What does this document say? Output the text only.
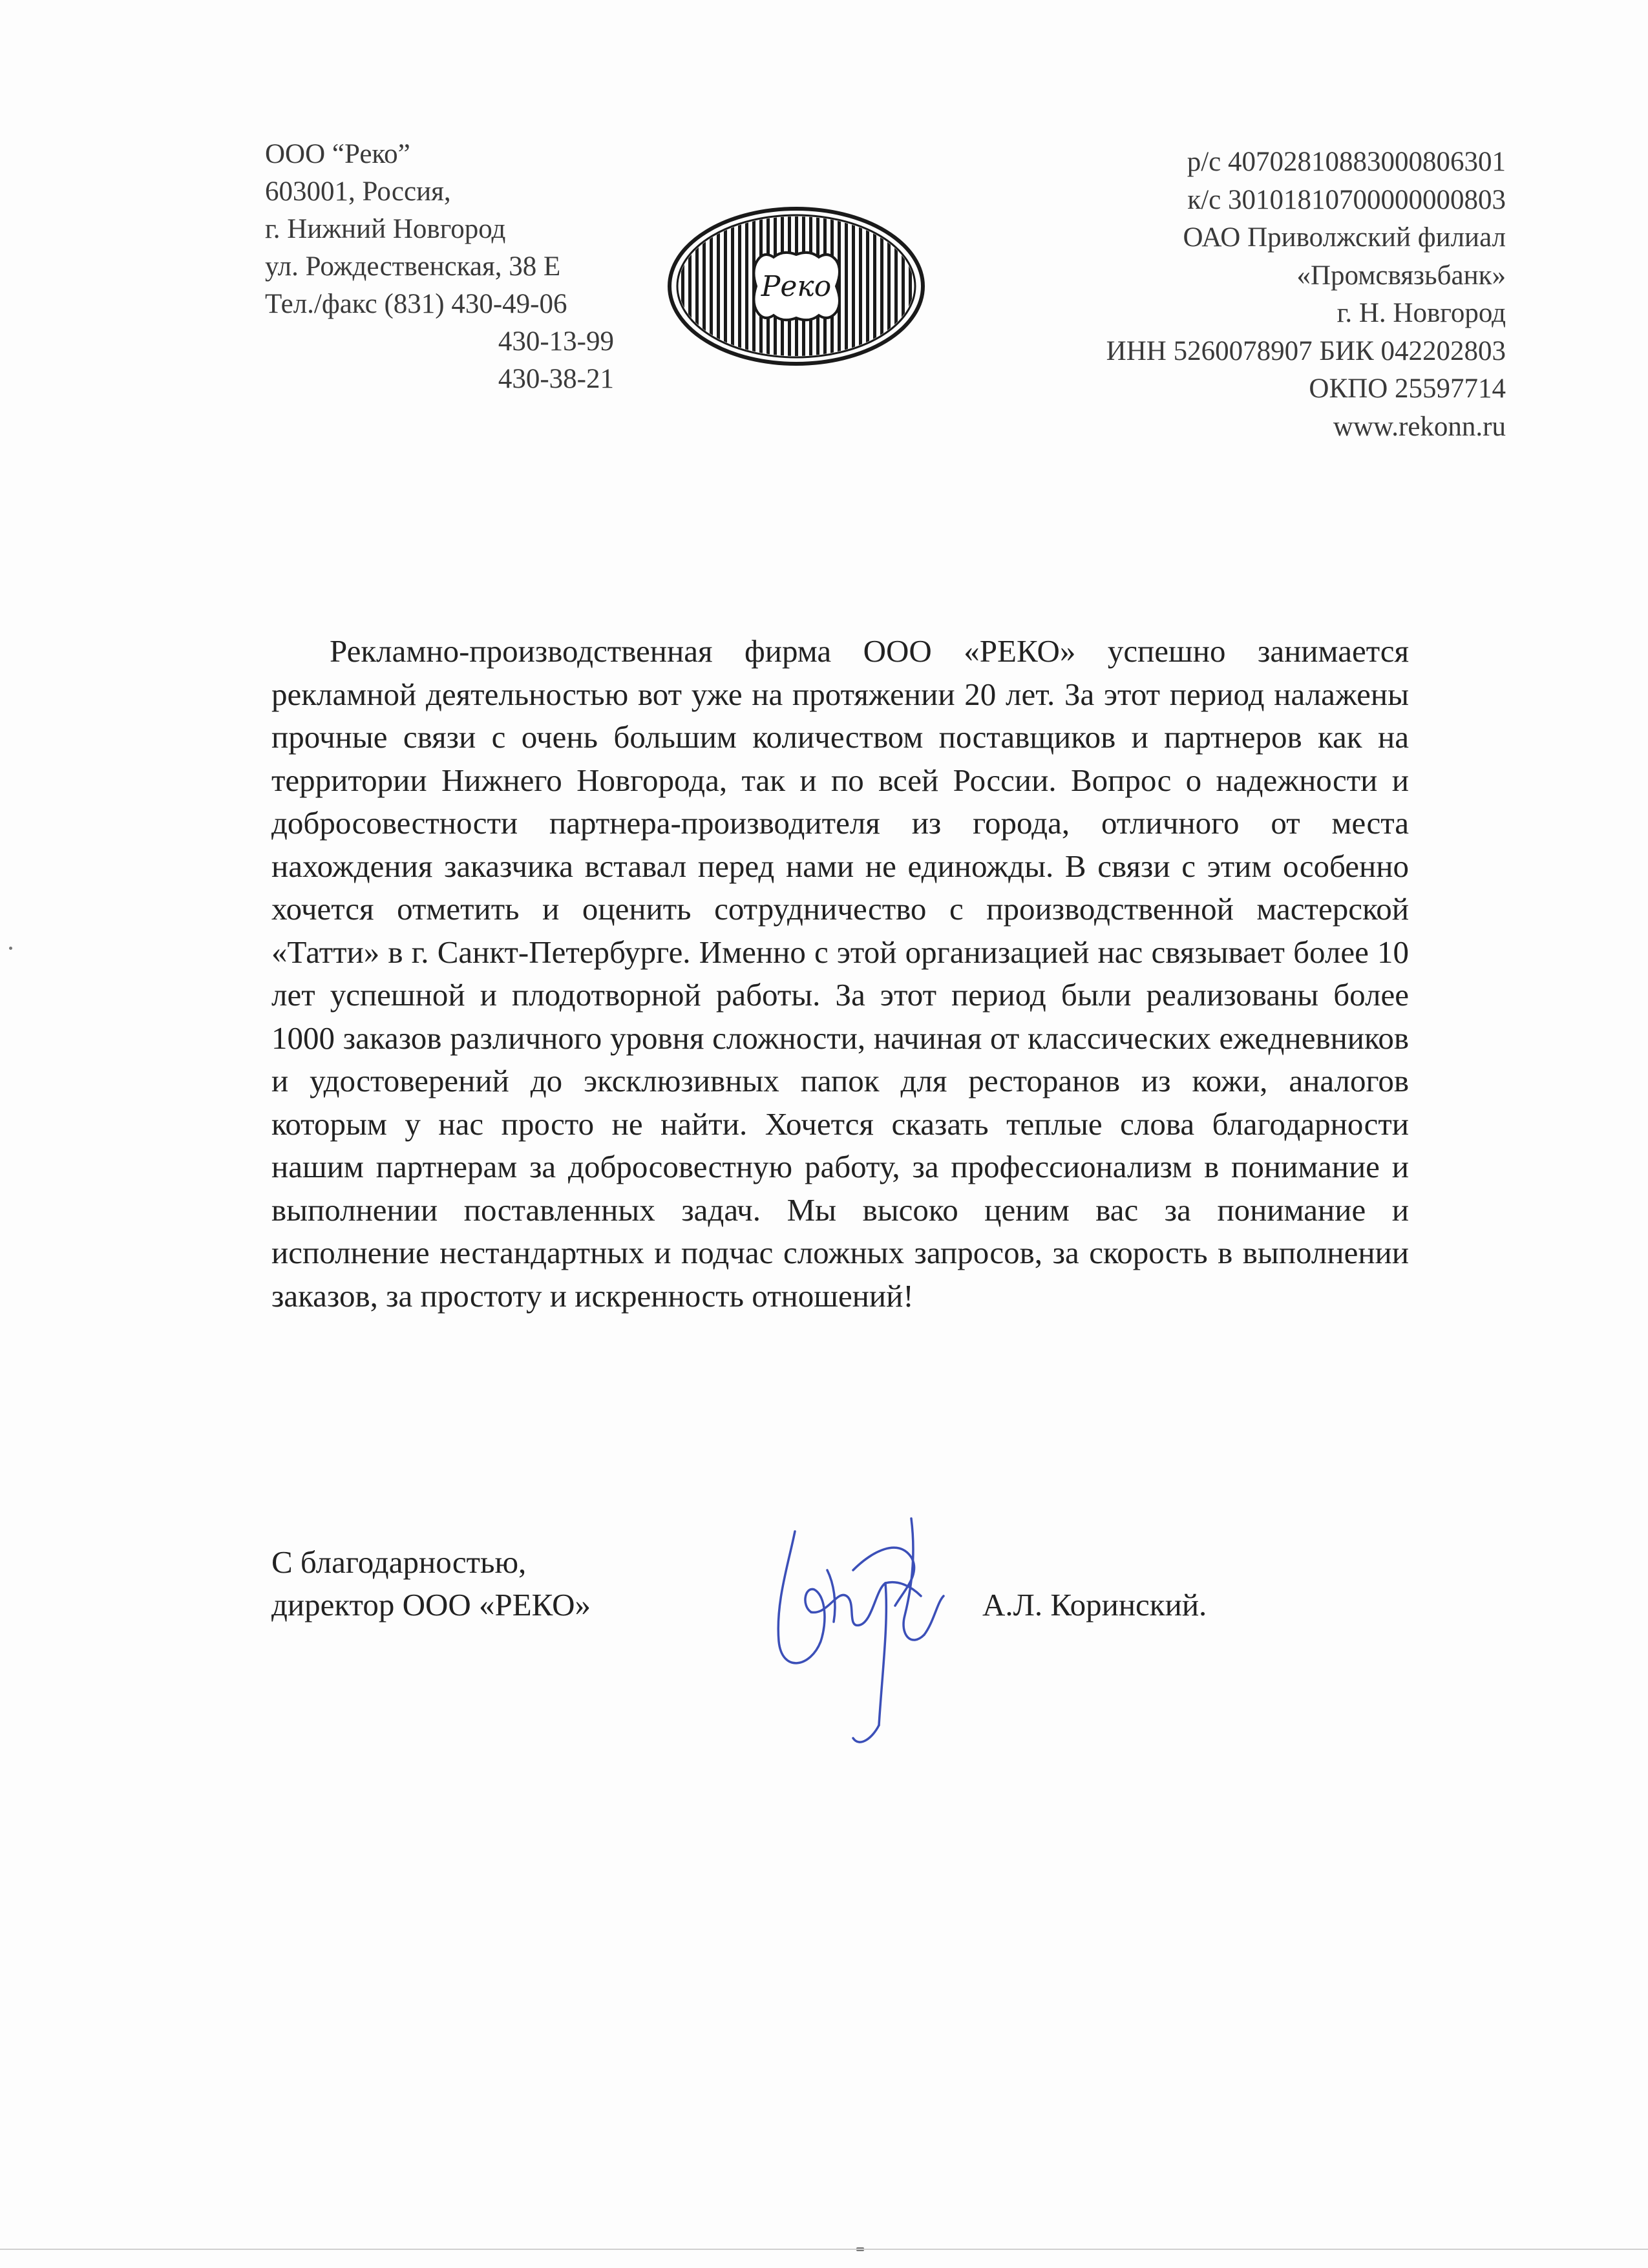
ООО “Реко”
603001, Россия,
г. Нижний Новгород
ул. Рождественская, 38 Е
Тел./факс (831) 430-49-06
430-13-99
430-38-21
Реко
р/с 40702810883000806301
к/с 30101810700000000803
ОАО Приволжский филиал
«Промсвязьбанк»
г. Н. Новгород
ИНН 5260078907 БИК 042202803
ОКПО 25597714
www.rekonn.ru
Рекламно-производственная фирма ООО «РЕКО» успешно занимается рекламной деятельностью вот уже на протяжении 20 лет. За этот период налажены прочные связи с очень большим количеством поставщиков и партнеров как на территории Нижнего Новгорода, так и по всей России. Вопрос о надежности и добросовестности партнера-производителя из города, отличного от места нахождения заказчика вставал перед нами не единожды. В связи с этим особенно хочется отметить и оценить сотрудничество с производственной мастерской «Татти» в г. Санкт-Петербурге. Именно с этой организацией нас связывает более 10 лет успешной и плодотворной работы. За этот период были реализованы более 1000 заказов различного уровня сложности, начиная от классических ежедневников и удостоверений до эксклюзивных папок для ресторанов из кожи, аналогов которым у нас просто не найти. Хочется сказать теплые слова благодарности нашим партнерам за добросовестную работу, за профессионализм в понимание и выполнении поставленных задач. Мы высоко ценим вас за понимание и исполнение нестандартных и подчас сложных запросов, за скорость в выполнении заказов, за простоту и искренность отношений!
С благодарностью,
директор ООО «РЕКО»	А.Л. Коринский.
